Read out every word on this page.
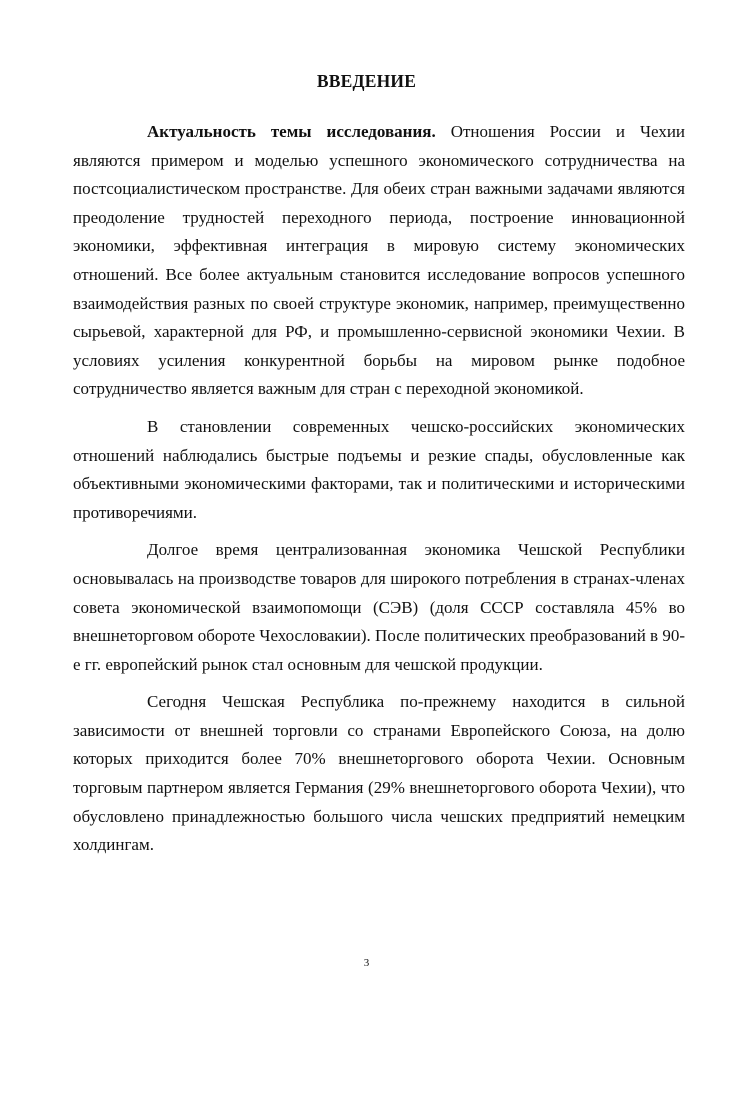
ВВЕДЕНИЕ

Актуальность темы исследования. Отношения России и Чехии являются примером и моделью успешного экономического сотрудничества на постсоциалистическом пространстве. Для обеих стран важными задачами являются преодоление трудностей переходного периода, построение инновационной экономики, эффективная интеграция в мировую систему экономических отношений. Все более актуальным становится исследование вопросов успешного взаимодействия разных по своей структуре экономик, например, преимущественно сырьевой, характерной для РФ, и промышленно-сервисной экономики Чехии. В условиях усиления конкурентной борьбы на мировом рынке подобное сотрудничество является важным для стран с переходной экономикой.

В становлении современных чешско-российских экономических отношений наблюдались быстрые подъемы и резкие спады, обусловленные как объективными экономическими факторами, так и политическими и историческими противоречиями.

Долгое время централизованная экономика Чешской Республики основывалась на производстве товаров для широкого потребления в странах-членах совета экономической взаимопомощи (СЭВ) (доля СССР составляла 45% во внешнеторговом обороте Чехословакии). После политических преобразований в 90-е гг. европейский рынок стал основным для чешской продукции.

Сегодня Чешская Республика по-прежнему находится в сильной зависимости от внешней торговли со странами Европейского Союза, на долю которых приходится более 70% внешнеторгового оборота Чехии. Основным торговым партнером является Германия (29% внешнеторгового оборота Чехии), что обусловлено принадлежностью большого числа чешских предприятий немецким холдингам.

3
